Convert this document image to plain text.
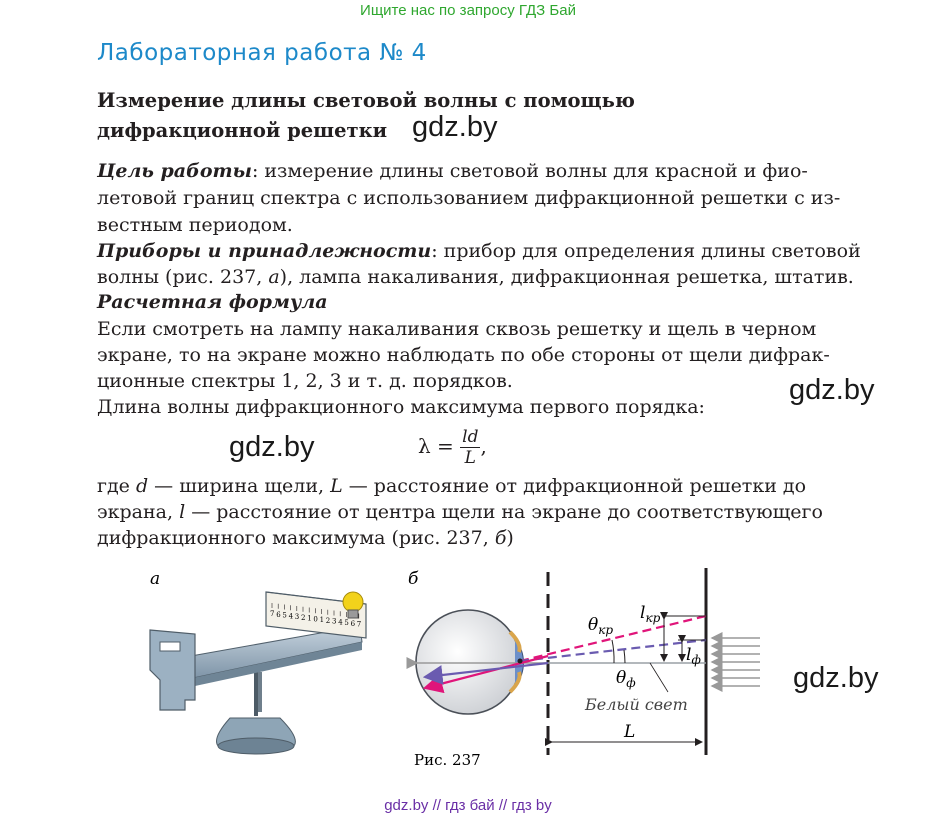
Ищите нас по запросу ГДЗ Бай
Лабораторная работа № 4
Измерение длины световой волны с помощью
дифракционной решетки gdz.by
Цель работы: измерение длины световой волны для красной и фио-
летовой границ спектра с использованием дифракционной решетки с из-
вестным периодом.
Приборы и принадлежности: прибор для определения длины световой
волны (рис. 237, а), лампа накаливания, дифракционная решетка, штатив.
Расчетная формула
Если смотреть на лампу накаливания сквозь решетку и щель в черном
экране, то на экране можно наблюдать по обе стороны от щели дифрак-
ционные спектры 1, 2, 3 и т. д. порядков.	gdz.by
Длина волны дифракционного максимума первого порядка:
gdz.by	$\lambda = \frac{ld}{L}$ ,
где d — ширина щели, L — расстояние от дифракционной решетки до
экрана, l — расстояние от центра щели на экране до соответствующего
дифракционного максимума (рис. 237, б)
а	б
7 6 5 4 3 2 1 0 1 2 3 4 5 6 7	$\theta_{кр}$
$\theta_ф$
$l_{кр}$
$l_ф$
Белый свет
L
Рис. 237
gdz.by
gdz.by // гдз бай // гдз by
